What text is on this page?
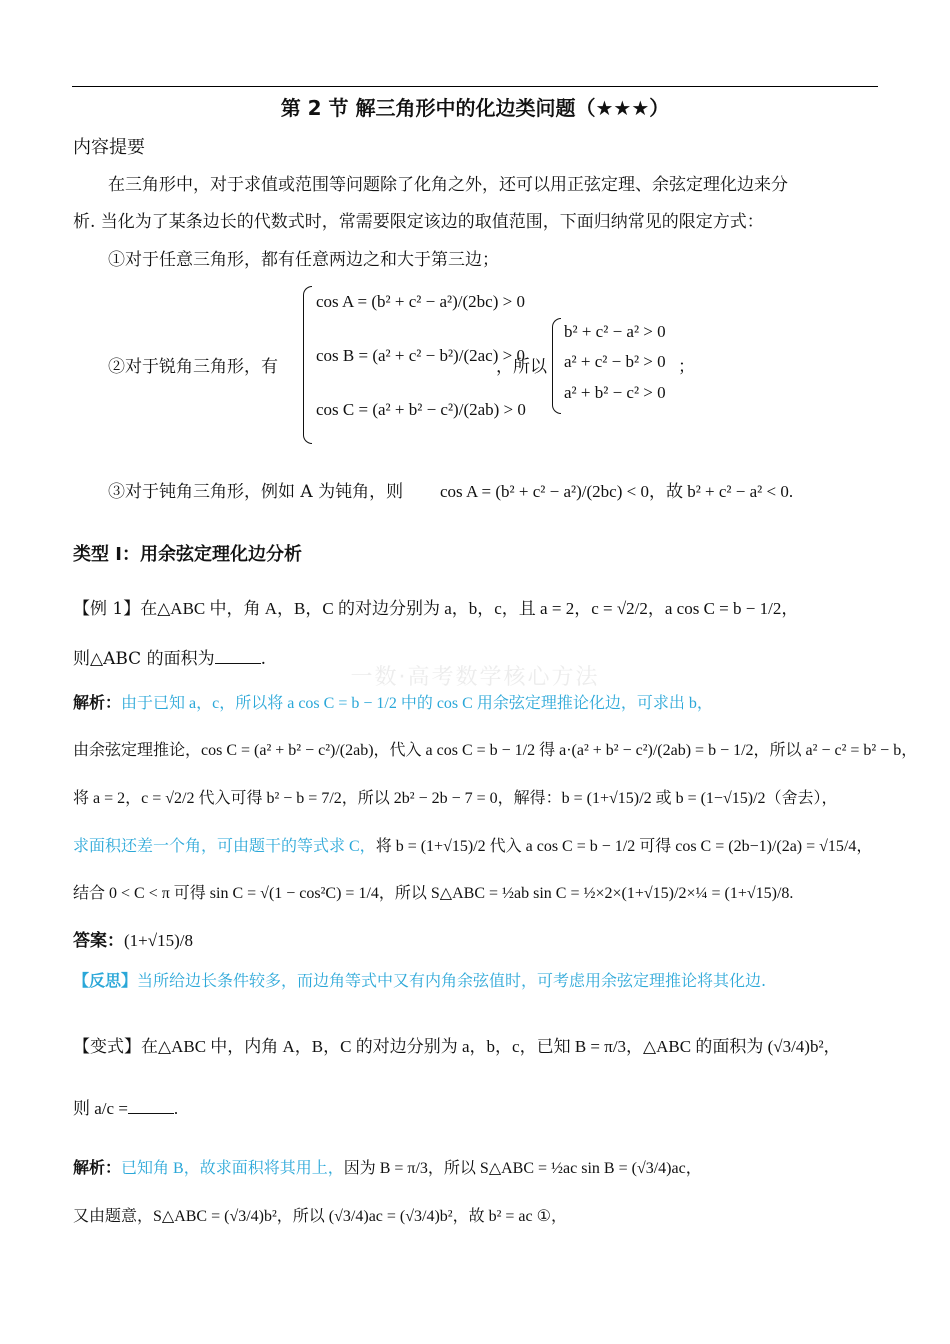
第 2 节 解三角形中的化边类问题（★★★）
内容提要
在三角形中，对于求值或范围等问题除了化角之外，还可以用正弦定理、余弦定理化边来分
析. 当化为了某条边长的代数式时，常需要限定该边的取值范围，下面归纳常见的限定方式：
①对于任意三角形，都有任意两边之和大于第三边；
②对于锐角三角形，有
cos A = (b² + c² − a²)/(2bc) > 0
cos B = (a² + c² − b²)/(2ac) > 0
cos C = (a² + b² − c²)/(2ab) > 0
，所以
b² + c² − a² > 0
a² + c² − b² > 0
a² + b² − c² > 0
；
③对于钝角三角形，例如 A 为钝角，则 cos A = (b² + c² − a²)/(2bc) < 0，故 b² + c² − a² < 0.
类型 I：用余弦定理化边分析
【例 1】在△ABC 中，角 A，B，C 的对边分别为 a，b，c，且 a = 2，c = √2/2，a cos C = b − 1/2，
则△ABC 的面积为	.
一数·高考数学核心方法
解析：由于已知 a，c，所以将 a cos C = b − 1/2 中的 cos C 用余弦定理推论化边，可求出 b，
由余弦定理推论，cos C = (a² + b² − c²)/(2ab)，代入 a cos C = b − 1/2 得 a·(a² + b² − c²)/(2ab) = b − 1/2，所以 a² − c² = b² − b，
将 a = 2，c = √2/2 代入可得 b² − b = 7/2，所以 2b² − 2b − 7 = 0，解得：b = (1+√15)/2 或 b = (1−√15)/2（舍去），
求面积还差一个角，可由题干的等式求 C，将 b = (1+√15)/2 代入 a cos C = b − 1/2 可得 cos C = (2b−1)/(2a) = √15/4，
结合 0 < C < π 可得 sin C = √(1 − cos²C) = 1/4，所以 S△ABC = ½ab sin C = ½×2×(1+√15)/2×¼ = (1+√15)/8.
答案：(1+√15)/8
【反思】当所给边长条件较多，而边角等式中又有内角余弦值时，可考虑用余弦定理推论将其化边.
【变式】在△ABC 中，内角 A，B，C 的对边分别为 a，b，c，已知 B = π/3，△ABC 的面积为 (√3/4)b²，
则 a/c =	.
解析：已知角 B，故求面积将其用上，因为 B = π/3，所以 S△ABC = ½ac sin B = (√3/4)ac，
又由题意，S△ABC = (√3/4)b²，所以 (√3/4)ac = (√3/4)b²，故 b² = ac ①，
